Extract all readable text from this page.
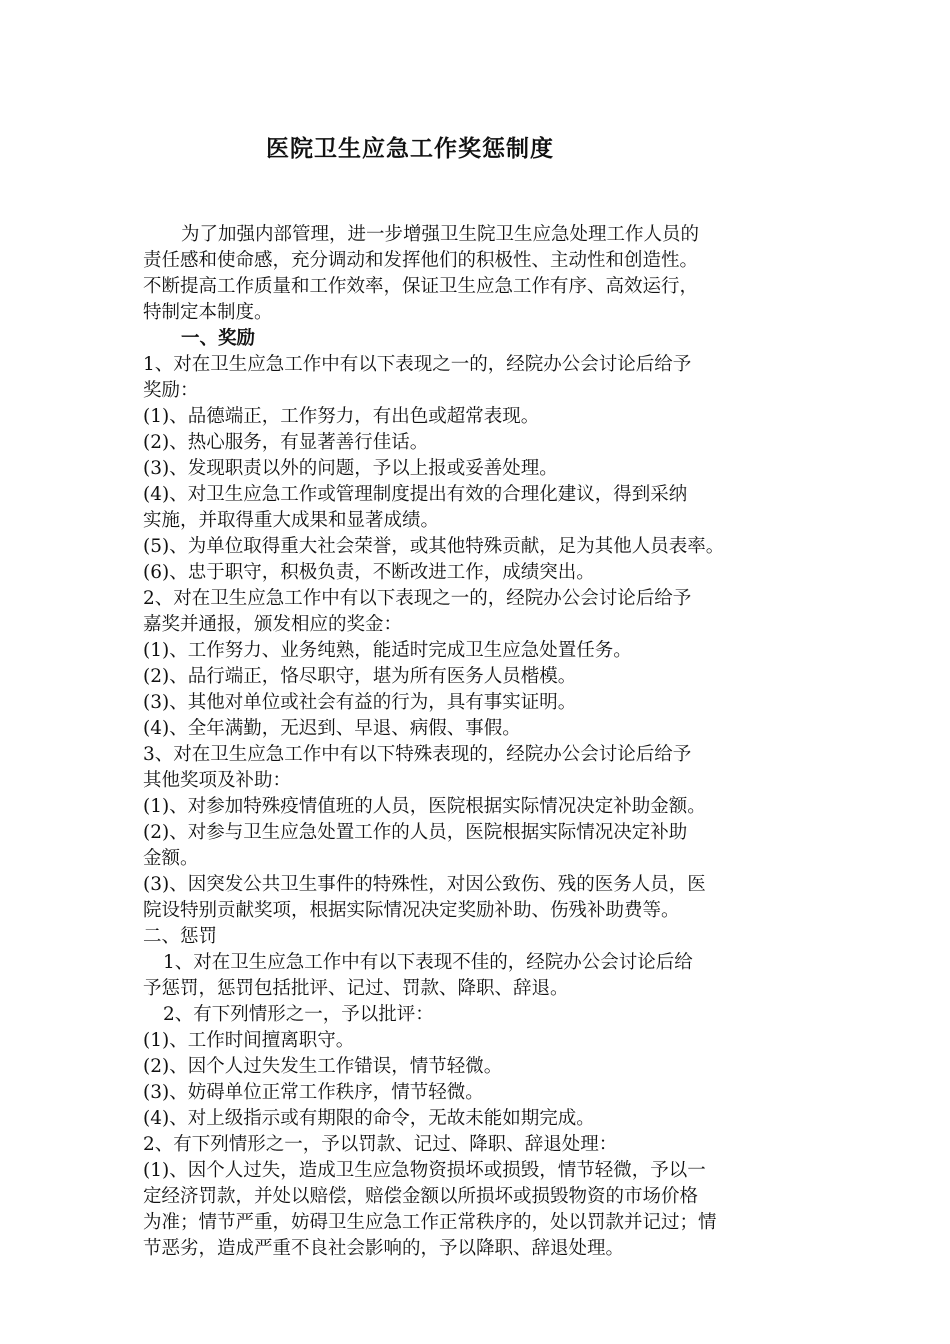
医院卫生应急工作奖惩制度

为了加强内部管理，进一步增强卫生院卫生应急处理工作人员的

责任感和使命感，充分调动和发挥他们的积极性、主动性和创造性。

不断提高工作质量和工作效率，保证卫生应急工作有序、高效运行，

特制定本制度。

一、奖励

1、对在卫生应急工作中有以下表现之一的，经院办公会讨论后给予

奖励：

(1)、品德端正，工作努力，有出色或超常表现。

(2)、热心服务，有显著善行佳话。

(3)、发现职责以外的问题，予以上报或妥善处理。

(4)、对卫生应急工作或管理制度提出有效的合理化建议，得到采纳

实施，并取得重大成果和显著成绩。

(5)、为单位取得重大社会荣誉，或其他特殊贡献，足为其他人员表率。

(6)、忠于职守，积极负责，不断改进工作，成绩突出。

2、对在卫生应急工作中有以下表现之一的，经院办公会讨论后给予

嘉奖并通报，颁发相应的奖金：

(1)、工作努力、业务纯熟，能适时完成卫生应急处置任务。

(2)、品行端正，恪尽职守，堪为所有医务人员楷模。

(3)、其他对单位或社会有益的行为，具有事实证明。

(4)、全年满勤，无迟到、早退、病假、事假。

3、对在卫生应急工作中有以下特殊表现的，经院办公会讨论后给予

其他奖项及补助：

(1)、对参加特殊疫情值班的人员，医院根据实际情况决定补助金额。

(2)、对参与卫生应急处置工作的人员，医院根据实际情况决定补助

金额。

(3)、因突发公共卫生事件的特殊性，对因公致伤、残的医务人员，医

院设特别贡献奖项，根据实际情况决定奖励补助、伤残补助费等。

二、惩罚

1、对在卫生应急工作中有以下表现不佳的，经院办公会讨论后给

予惩罚，惩罚包括批评、记过、罚款、降职、辞退。

2、有下列情形之一，予以批评：

(1)、工作时间擅离职守。

(2)、因个人过失发生工作错误，情节轻微。

(3)、妨碍单位正常工作秩序，情节轻微。

(4)、对上级指示或有期限的命令，无故未能如期完成。

2、有下列情形之一，予以罚款、记过、降职、辞退处理：

(1)、因个人过失，造成卫生应急物资损坏或损毁，情节轻微，予以一

定经济罚款，并处以赔偿，赔偿金额以所损坏或损毁物资的市场价格

为准；情节严重，妨碍卫生应急工作正常秩序的，处以罚款并记过；情

节恶劣，造成严重不良社会影响的，予以降职、辞退处理。
